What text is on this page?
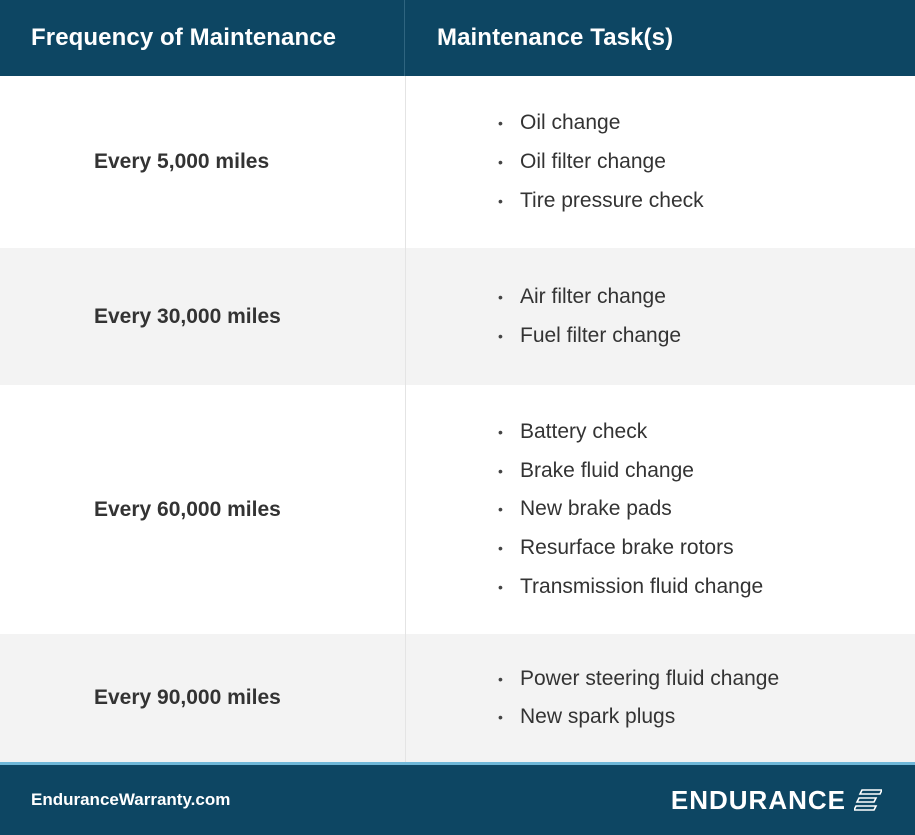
Frequency of Maintenance	Maintenance Task(s)
Every 5,000 miles
• Oil change
• Oil filter change
• Tire pressure check
Every 30,000 miles
• Air filter change
• Fuel filter change
Every 60,000 miles
• Battery check
• Brake fluid change
• New brake pads
• Resurface brake rotors
• Transmission fluid change
Every 90,000 miles
• Power steering fluid change
• New spark plugs
EnduranceWarranty.com	ENDURANCE
